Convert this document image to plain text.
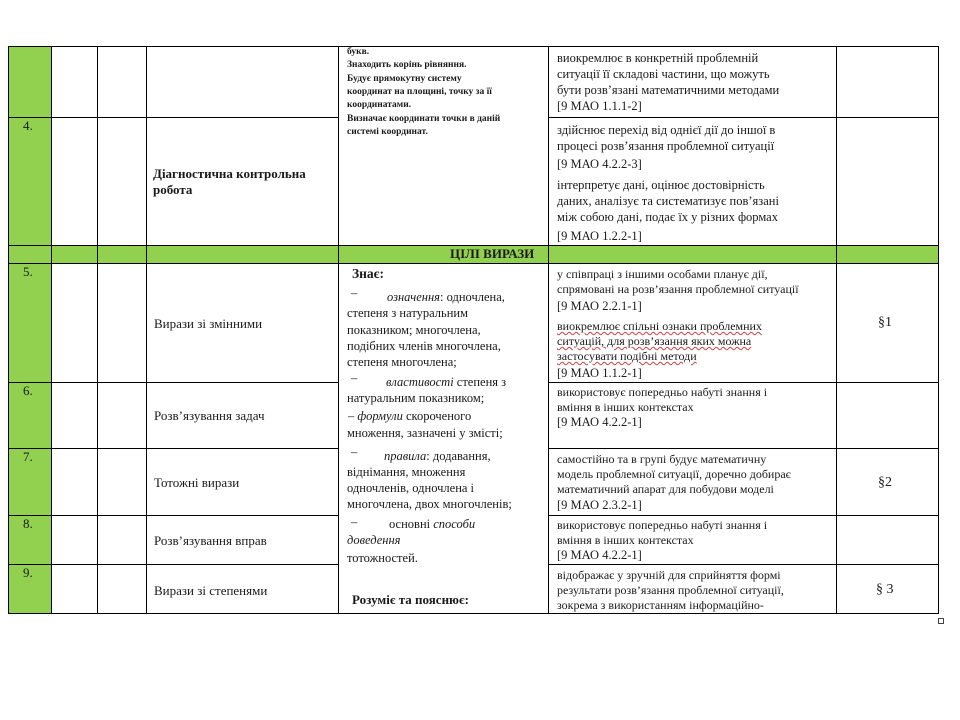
4.
5.
6.
7.
8.
9.
Діагностична контрольна робота
Вирази зі змінними
Розв’язування задач
Тотожні вирази
Розв’язування вправ
Вирази зі степенями
ЦІЛІ ВИРАЗИ
букв.
Знаходить корінь рівняння.
Будує прямокутну систему
координат на площині, точку за її
координатами.
Визначає координати точки в даній
системі координат.
Знає:
– означення: одночлена,
степеня з натуральним
показником; многочлена,
подібних членів многочлена,
степеня многочлена;
– властивості степеня з
натуральним показником;
– формули скороченого
множення, зазначені у змісті;
– правила: додавання,
віднімання, множення
одночленів, одночлена і
многочлена, двох многочленів;
–	основні способи
доведення
тотожностей.
Розуміє та пояснює:
виокремлює в конкретній проблемній
ситуації її складові частини, що можуть
бути розв’язані математичними методами
[9 МАО 1.1.1-2]
здійснює перехід від однієї дії до іншої в
процесі розв’язання проблемної ситуації
[9 МАО 4.2.2-3]
інтерпретує дані, оцінює достовірність
даних, аналізує та систематизує пов’язані
між собою дані, подає їх у різних формах
[9 МАО 1.2.2-1]
у співпраці з іншими особами планує дії,
спрямовані на розв’язання проблемної ситуації
[9 МАО 2.2.1-1]
виокремлює спільні ознаки проблемних
ситуацій, для розв’язання яких можна
застосувати подібні методи
[9 МАО 1.1.2-1]
використовує попередньо набуті знання і
вміння в інших контекстах
[9 МАО 4.2.2-1]
самостійно та в групі будує математичну
модель проблемної ситуації, доречно добирає
математичний апарат для побудови моделі
[9 МАО 2.3.2-1]
використовує попередньо набуті знання і
вміння в інших контекстах
[9 МАО 4.2.2-1]
відображає у зручній для сприйняття формі
результати розв’язання проблемної ситуації,
зокрема з використанням інформаційно-
§1
§2
§ 3
